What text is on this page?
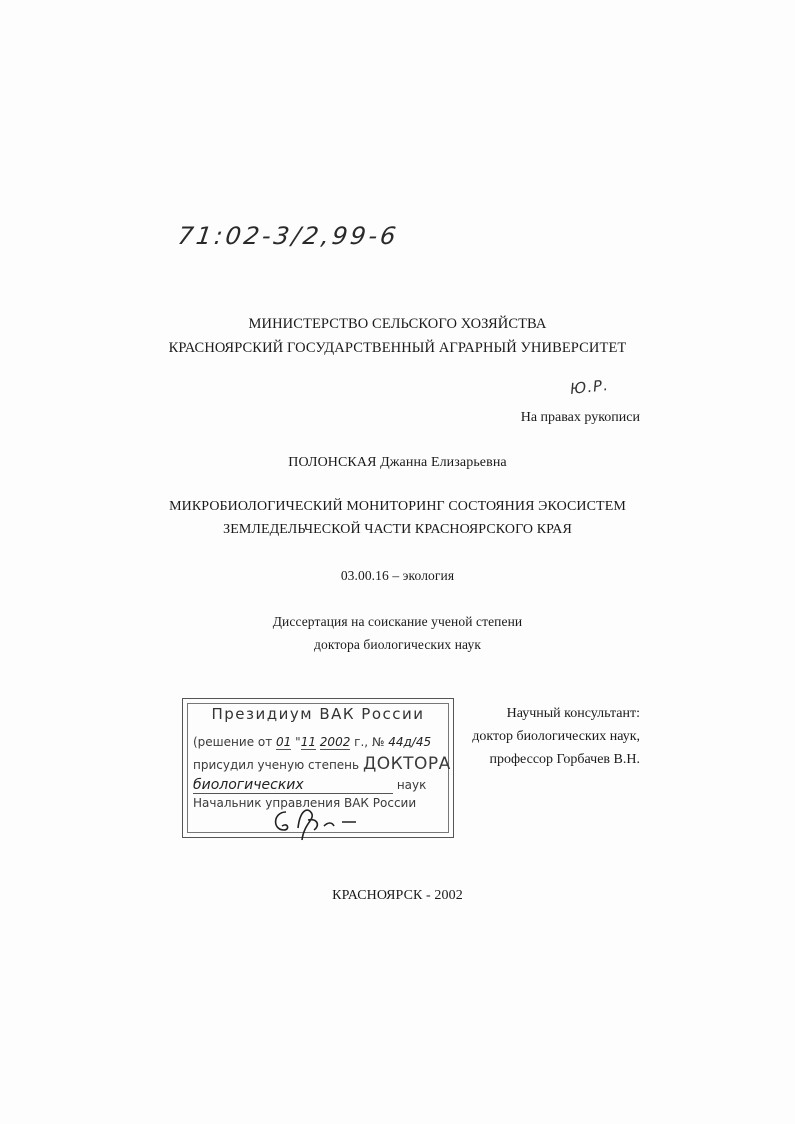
71:02-3/2,99-6
МИНИСТЕРСТВО СЕЛЬСКОГО ХОЗЯЙСТВА
КРАСНОЯРСКИЙ ГОСУДАРСТВЕННЫЙ АГРАРНЫЙ УНИВЕРСИТЕТ
Ю.Р.
На правах рукописи
ПОЛОНСКАЯ Джанна Елизарьевна
МИКРОБИОЛОГИЧЕСКИЙ МОНИТОРИНГ СОСТОЯНИЯ ЭКОСИСТЕМ
ЗЕМЛЕДЕЛЬЧЕСКОЙ ЧАСТИ КРАСНОЯРСКОГО КРАЯ
03.00.16 – экология
Диссертация на соискание ученой степени
доктора биологических наук
Президиум ВАК России
(решение от 01 "11 2002 г., № 44д/45
присудил ученую степень ДОКТОРА
биологических	наук
Начальник управления ВАК России
Научный консультант:
доктор биологических наук,
профессор Горбачев В.Н.
КРАСНОЯРСК - 2002
